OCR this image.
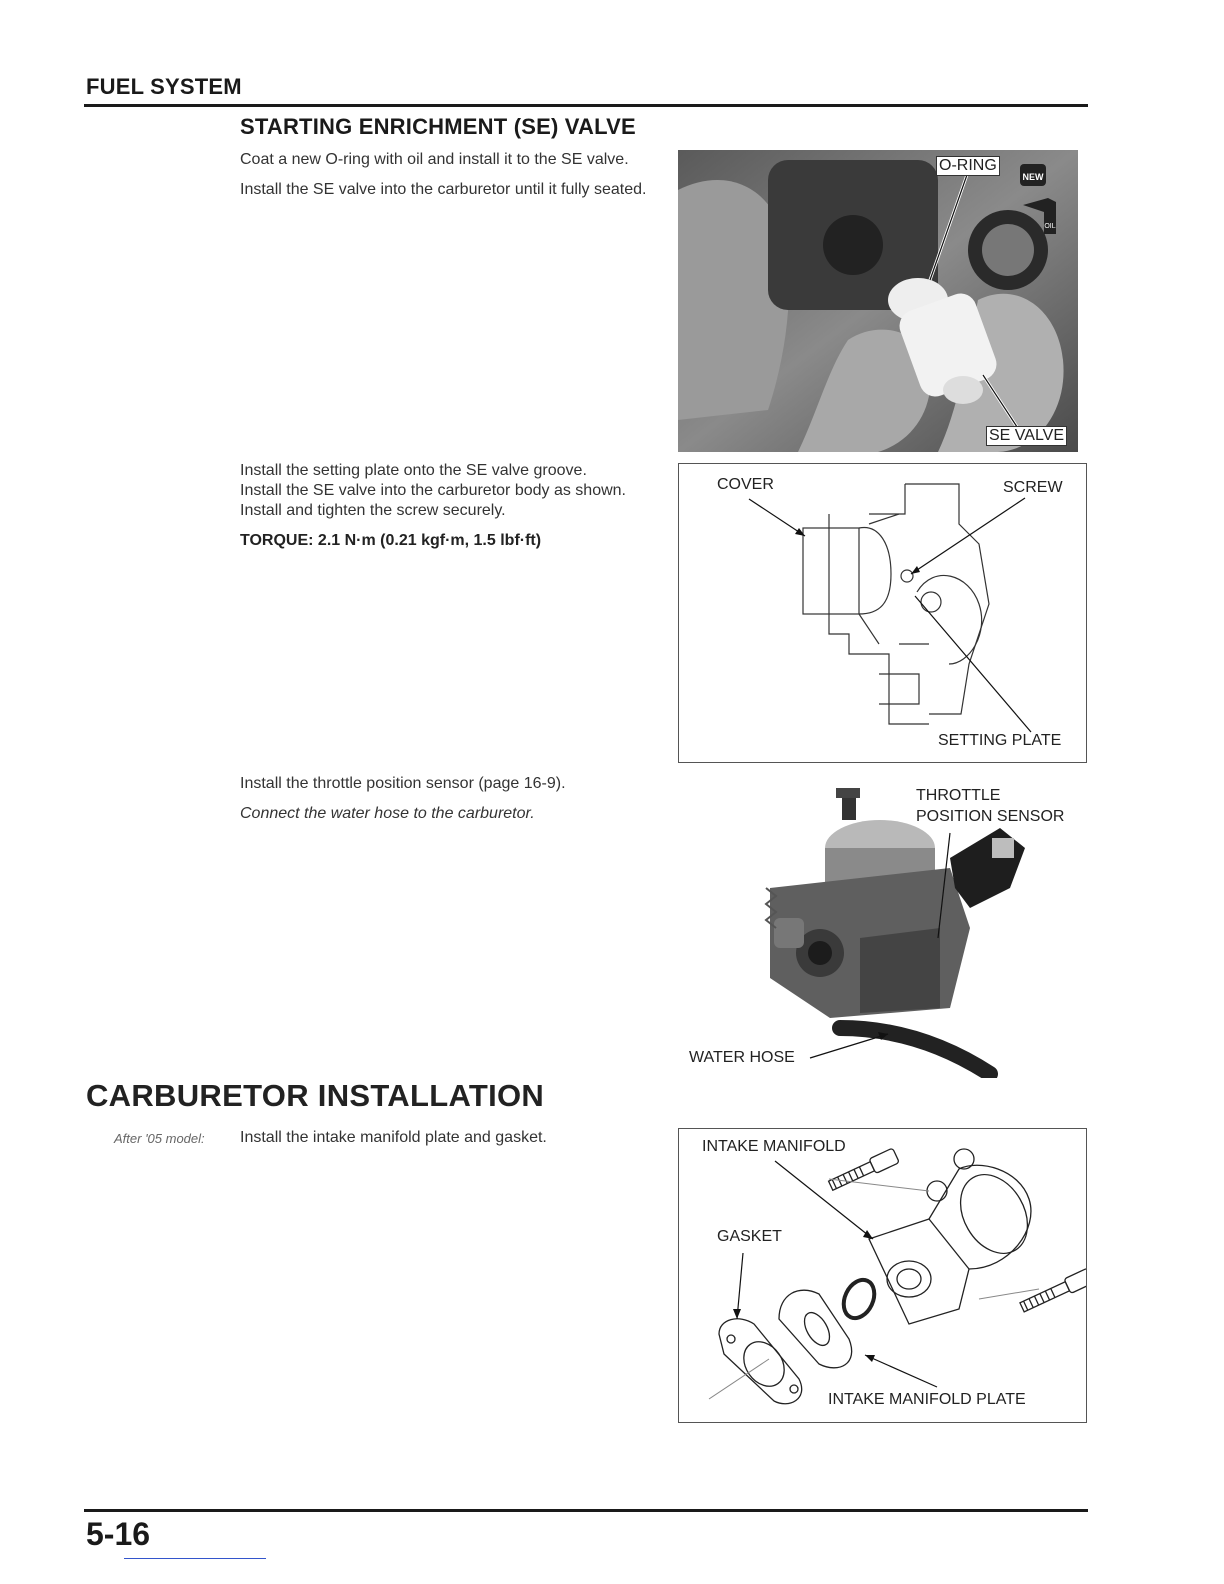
FUEL SYSTEM
STARTING ENRICHMENT (SE) VALVE

Coat a new O-ring with oil and install it to the SE valve.

Install the SE valve into the carburetor until it fully seated.

NEW
OIL
O-RING
SE VALVE

Install the setting plate onto the SE valve groove.

Install the SE valve into the carburetor body as shown.

Install and tighten the screw securely.

TORQUE: 2.1 N·m (0.21 kgf·m, 1.5 lbf·ft)

COVER	SCREW
SETTING PLATE

Install the throttle position sensor (page 16-9).

Connect the water hose to the carburetor.

THROTTLE
POSITION SENSOR
WATER HOSE
CARBURETOR INSTALLATION
After '05 model: Install the intake manifold plate and gasket.

INTAKE MANIFOLD
GASKET
INTAKE MANIFOLD PLATE
5-16
